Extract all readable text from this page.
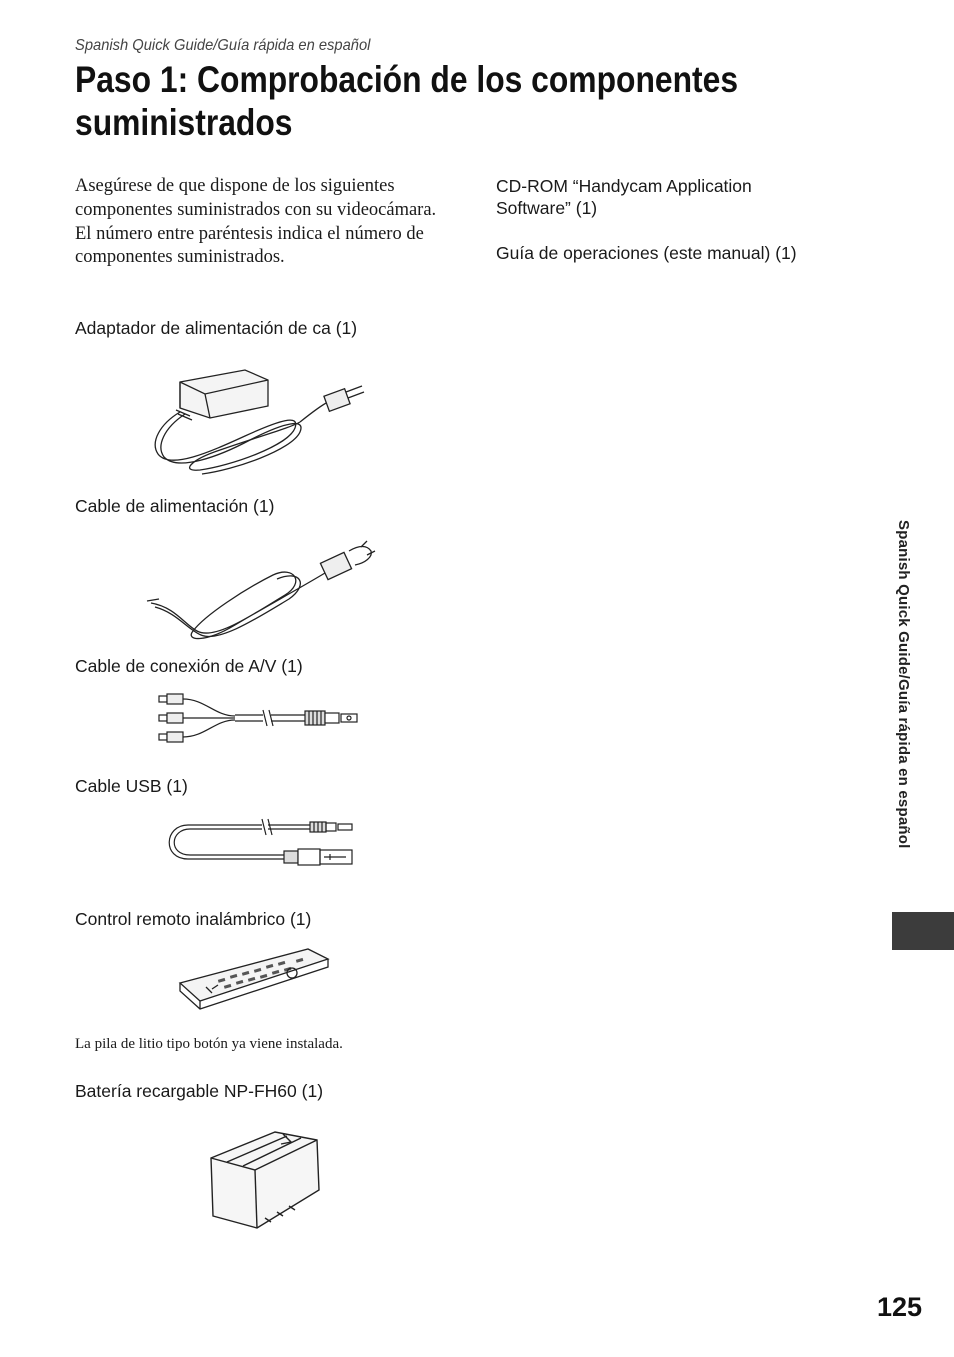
Spanish Quick Guide/Guía rápida en español
Paso 1: Comprobación de los componentes suministrados

Asegúrese de que dispone de los siguientes componentes suministrados con su videocámara.

El número entre paréntesis indica el número de componentes suministrados.

Adaptador de alimentación de ca (1)
Cable de alimentación (1)
Cable de conexión de A/V (1)
Cable USB (1)
Control remoto inalámbrico (1)
La pila de litio tipo botón ya viene instalada.
Batería recargable NP-FH60 (1)
CD-ROM “Handycam Application Software” (1)
Guía de operaciones (este manual) (1)
Spanish Quick Guide/Guía rápida en español
125
